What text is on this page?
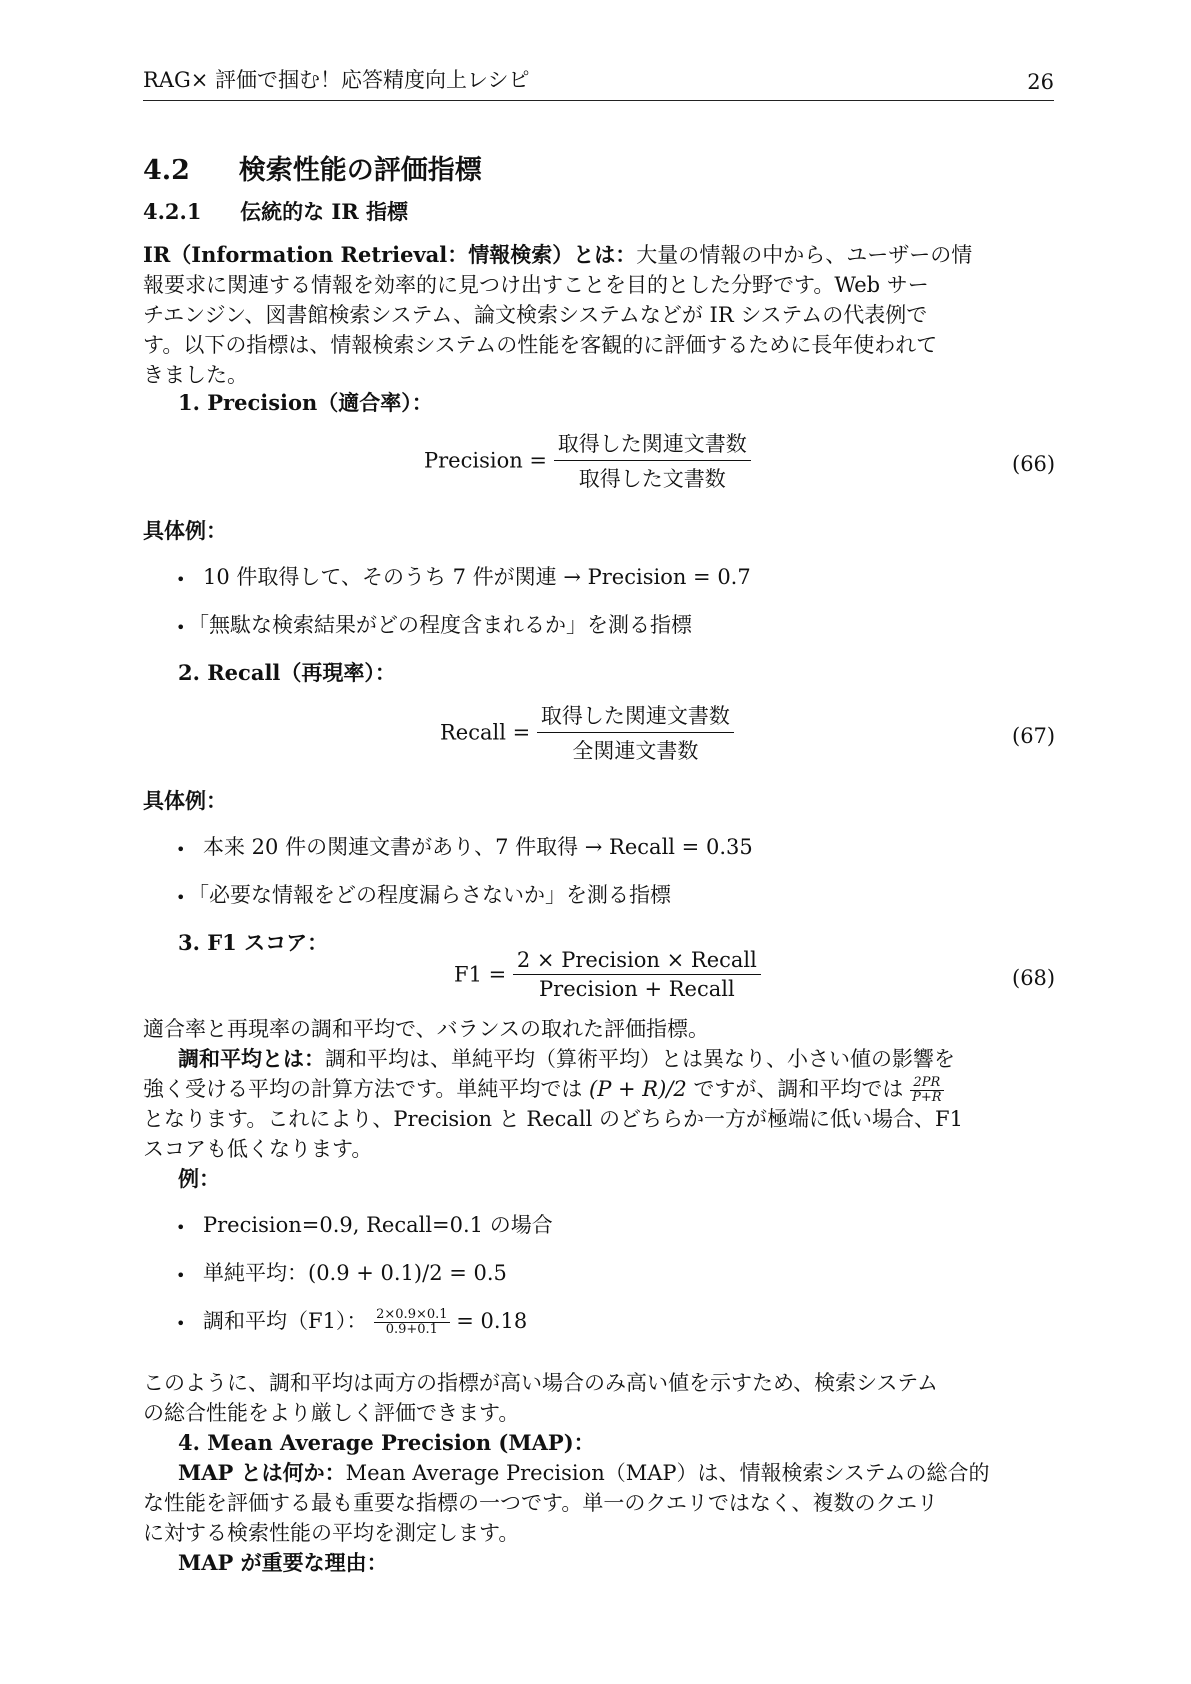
RAG× 評価で掴む！応答精度向上レシピ	26
4.2 検索性能の評価指標
4.2.1 伝統的な IR 指標
IR（Information Retrieval：情報検索）とは：大量の情報の中から、ユーザーの情
報要求に関連する情報を効率的に見つけ出すことを目的とした分野です。Web サー
チエンジン、図書館検索システム、論文検索システムなどが IR システムの代表例で
す。以下の指標は、情報検索システムの性能を客観的に評価するために長年使われて
きました。
1. Precision（適合率）：
Precision = $\frac{\text{取得した関連文書数}}{\text{取得した文書数}}$	(66)
具体例：
• 10 件取得して、そのうち 7 件が関連 → Precision = 0.7
• 「無駄な検索結果がどの程度含まれるか」を測る指標
2. Recall（再現率）：
Recall = $\frac{\text{取得した関連文書数}}{\text{全関連文書数}}$	(67)
具体例：
• 本来 20 件の関連文書があり、7 件取得 → Recall = 0.35
• 「必要な情報をどの程度漏らさないか」を測る指標
3. F1 スコア：
$F1 = \frac{\text{2 × Precision × Recall}}{\text{Precision + Recall}}$	(68)
適合率と再現率の調和平均で、バランスの取れた評価指標。
調和平均とは：調和平均は、単純平均（算術平均）とは異なり、小さい値の影響を
強く受ける平均の計算方法です。単純平均では (P + R)/2 ですが、調和平均では $\frac{2PR}{P+R}$
となります。これにより、Precision と Recall のどちらか一方が極端に低い場合、F1
スコアも低くなります。
例：
• Precision=0.9, Recall=0.1 の場合
• 単純平均：(0.9 + 0.1)/2 = 0.5
• 調和平均（F1）： $\frac{2\times 0.9\times 0.1}{0.9+0.1} = 0.18$
このように、調和平均は両方の指標が高い場合のみ高い値を示すため、検索システム
の総合性能をより厳しく評価できます。
4. Mean Average Precision (MAP)：
MAP とは何か：Mean Average Precision（MAP）は、情報検索システムの総合的
な性能を評価する最も重要な指標の一つです。単一のクエリではなく、複数のクエリ
に対する検索性能の平均を測定します。
MAP が重要な理由：
